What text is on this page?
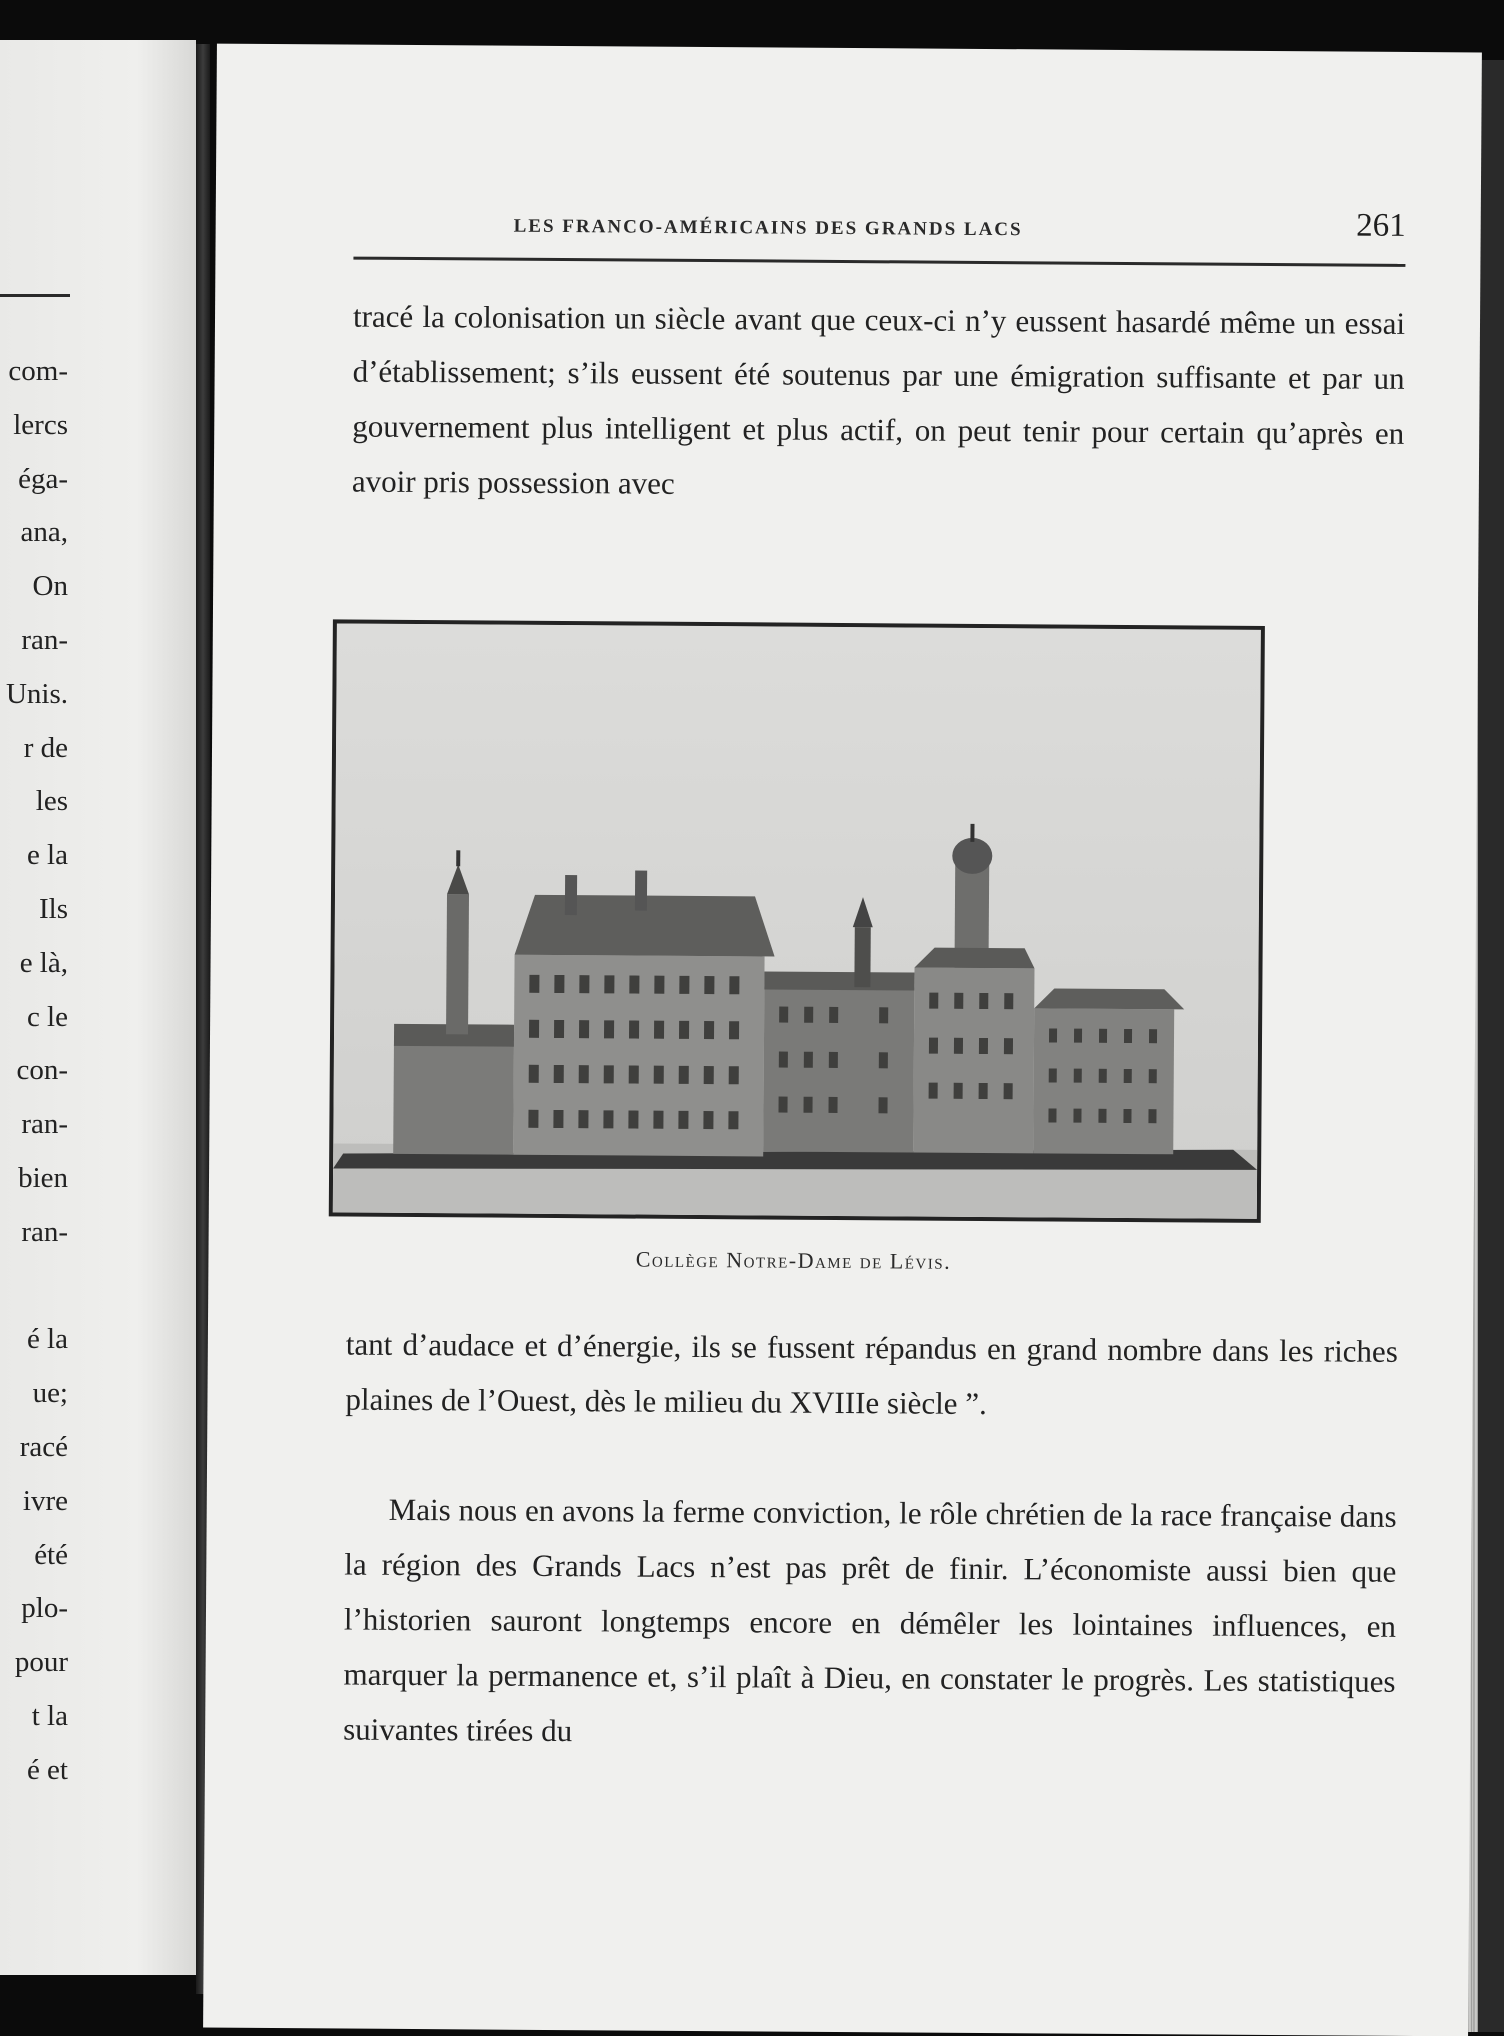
com-
lercs
éga-
ana,
On
ran-
Unis.
r de
les
e la
Ils
e là,
c le
con-
ran-
bien
ran-
é la
ue;
racé
ivre
été
plo-
pour
t la
é et
LES FRANCO-AMÉRICAINS DES GRANDS LACS	261

tracé la colonisation un siècle avant que ceux-ci n’y eussent hasardé même un essai d’établissement; s’ils eussent été soutenus par une émigration suffisante et par un gouvernement plus intelligent et plus actif, on peut tenir pour certain qu’après en avoir pris possession avec

Collège Notre-Dame de Lévis.

tant d’audace et d’énergie, ils se fussent répandus en grand nombre dans les riches plaines de l’Ouest, dès le milieu du XVIIIe siècle ”.

Mais nous en avons la ferme conviction, le rôle chrétien de la race française dans la région des Grands Lacs n’est pas prêt de finir. L’économiste aussi bien que l’historien sauront longtemps encore en démêler les lointaines influences, en marquer la permanence et, s’il plaît à Dieu, en constater le progrès. Les statistiques suivantes tirées du
